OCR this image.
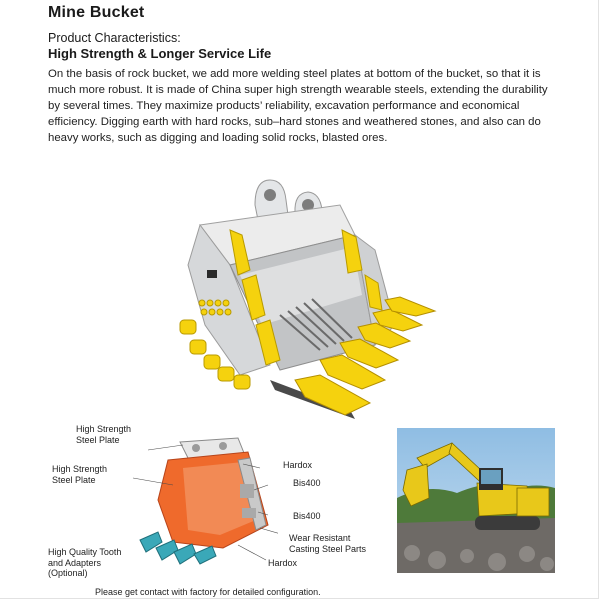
Mine Bucket
Product Characteristics:
High Strength & Longer Service Life
On the basis of rock bucket, we add more welding steel plates at bottom of the bucket, so that it is much more robust. It is made of China super high strength wearable steels, extending the durability by several times. They maximize products’ reliability, excavation performance and economical efficiency. Digging earth with hard rocks, sub–hard stones and weathered stones, and also can do heavy works, such as digging and loading solid rocks, blasted ores.
High Strength
Steel Plate
High Strength
Steel Plate
High Quality Tooth
and Adapters
(Optional)
Hardox
Bis400
Bis400
Wear Resistant
Casting Steel Parts
Hardox
Please get contact with factory for detailed configuration.
